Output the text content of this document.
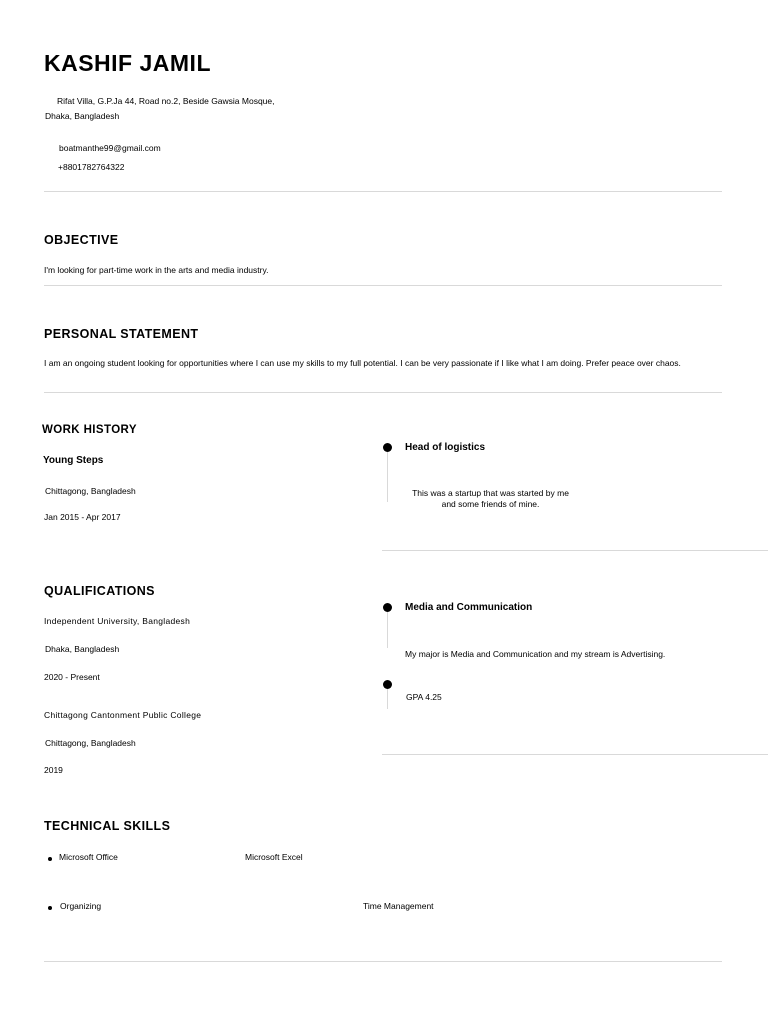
KASHIF JAMIL
Rifat Villa, G.P.Ja 44, Road no.2, Beside Gawsia Mosque,
Dhaka, Bangladesh
boatmanthe99@gmail.com
+8801782764322
OBJECTIVE
I'm looking for part-time work in the arts and media industry.
PERSONAL STATEMENT
I am an ongoing student looking for opportunities where I can use my skills to my full potential. I can be very passionate if I like what I am doing. Prefer peace over chaos.
WORK HISTORY
Young Steps
Chittagong, Bangladesh
Jan 2015 - Apr 2017
Head of logistics
This was a startup that was started by me
and some friends of mine.
QUALIFICATIONS
Independent University, Bangladesh
Dhaka, Bangladesh
2020 - Present
Chittagong Cantonment Public College
Chittagong, Bangladesh
2019
Media and Communication
My major is Media and Communication and my stream is Advertising.
GPA 4.25
TECHNICAL SKILLS
Microsoft Office	Microsoft Excel
Organizing	Time Management
